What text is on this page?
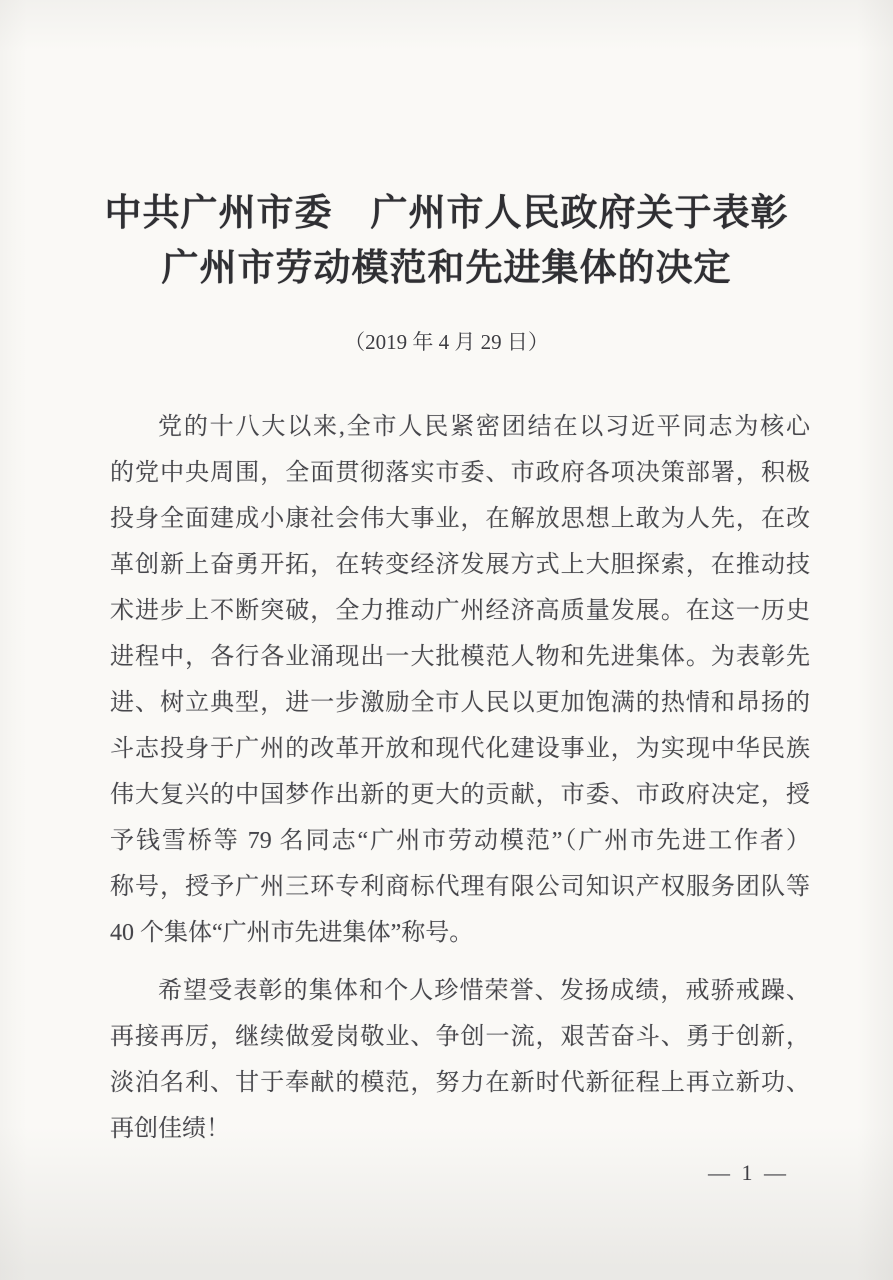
中共广州市委　广州市人民政府关于表彰
广州市劳动模范和先进集体的决定
（2019 年 4 月 29 日）
党的十八大以来,全市人民紧密团结在以习近平同志为核心
的党中央周围，全面贯彻落实市委、市政府各项决策部署，积极
投身全面建成小康社会伟大事业，在解放思想上敢为人先，在改
革创新上奋勇开拓，在转变经济发展方式上大胆探索，在推动技
术进步上不断突破，全力推动广州经济高质量发展。在这一历史
进程中，各行各业涌现出一大批模范人物和先进集体。为表彰先
进、树立典型，进一步激励全市人民以更加饱满的热情和昂扬的
斗志投身于广州的改革开放和现代化建设事业，为实现中华民族
伟大复兴的中国梦作出新的更大的贡献，市委、市政府决定，授
予钱雪桥等 79 名同志“广州市劳动模范”（广州市先进工作者）
称号，授予广州三环专利商标代理有限公司知识产权服务团队等
40 个集体“广州市先进集体”称号。
希望受表彰的集体和个人珍惜荣誉、发扬成绩，戒骄戒躁、
再接再厉，继续做爱岗敬业、争创一流，艰苦奋斗、勇于创新，
淡泊名利、甘于奉献的模范，努力在新时代新征程上再立新功、
再创佳绩！
— 1 —
